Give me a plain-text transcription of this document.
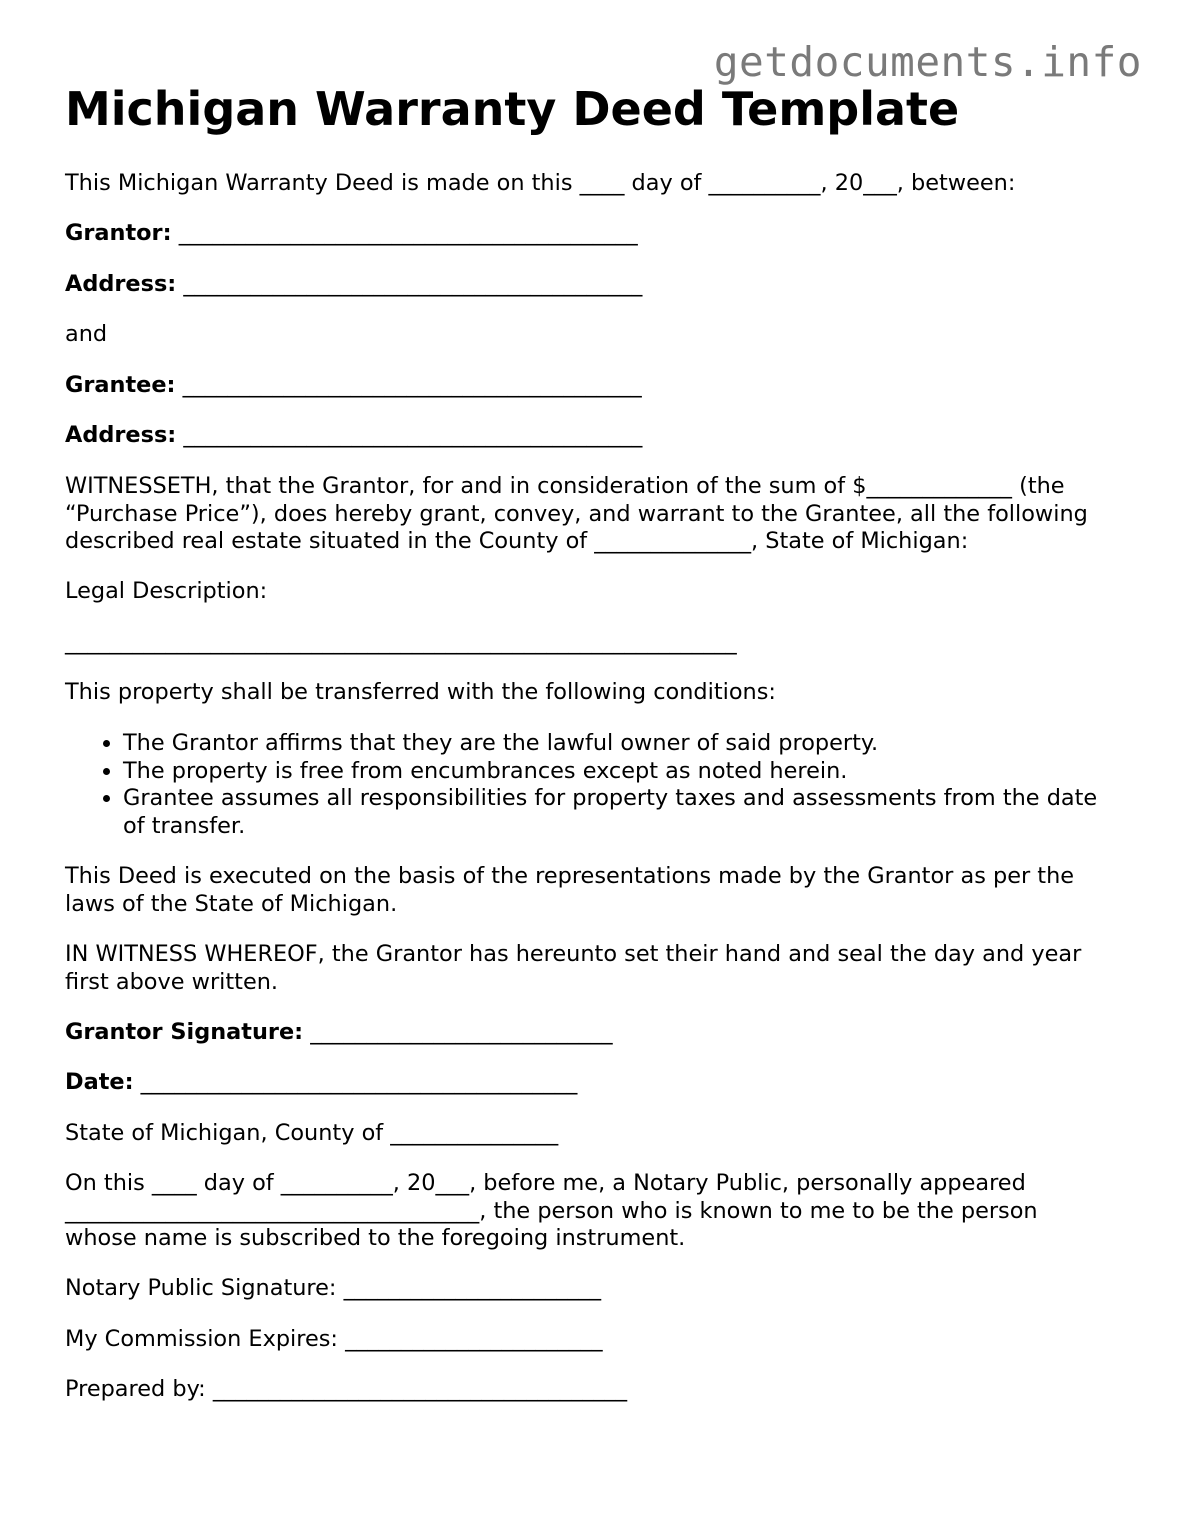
getdocuments.info
Michigan Warranty Deed Template

This Michigan Warranty Deed is made on this ____ day of __________, 20___, between:

Grantor: _________________________________________

Address: _________________________________________

and

Grantee: _________________________________________

Address: _________________________________________

WITNESSETH, that the Grantor, for and in consideration of the sum of $_____________ (the “Purchase Price”), does hereby grant, convey, and warrant to the Grantee, all the following described real estate situated in the County of ______________, State of Michigan:

Legal Description:

____________________________________________________________

This property shall be transferred with the following conditions:

• The Grantor affirms that they are the lawful owner of said property.
• The property is free from encumbrances except as noted herein.
• Grantee assumes all responsibilities for property taxes and assessments from the date of transfer.

This Deed is executed on the basis of the representations made by the Grantor as per the laws of the State of Michigan.

IN WITNESS WHEREOF, the Grantor has hereunto set their hand and seal the day and year first above written.

Grantor Signature: ___________________________

Date: _______________________________________

State of Michigan, County of _______________

On this ____ day of __________, 20___, before me, a Notary Public, personally appeared _____________________________________, the person who is known to me to be the person whose name is subscribed to the foregoing instrument.

Notary Public Signature: _______________________

My Commission Expires: _______________________

Prepared by: _____________________________________
